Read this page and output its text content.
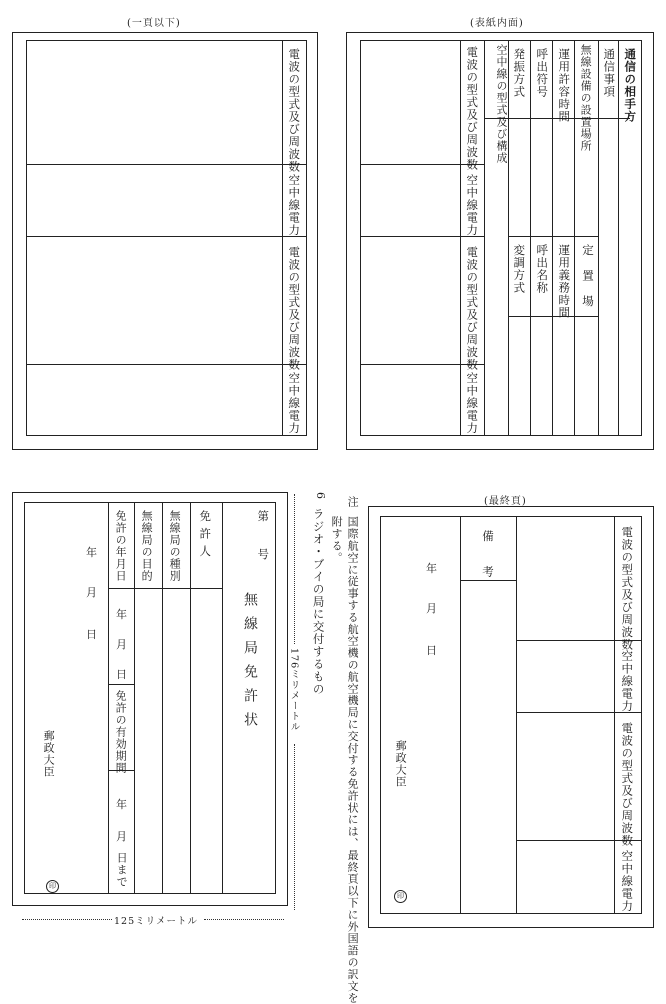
(一頁以下)
電波の型式及び周波数
空中線電力
電波の型式及び周波数
空中線電力
(表紙内面)
電波の型式及び周波数
空中線電力
電波の型式及び周波数
空中線電力
空中線の型式及び構成 発振方式
変調方式
呼出符号
呼出名称
運用許容時間
運用義務時間
無線設備の設置場所
定置場
通信事項 通信の相手方
第
号
無線局免許状
免許人
無線局の種別
無線局の目的
免許の年月日
年
月
日
免許の有効期間
年
月
日まで
年
月
日
郵政大臣
印
125ミリメートル
176ミリメートル
6
ラジオ・ブイの局に交付するもの
注
国際航空に従事する航空機の航空機局に交付する免許状には、最終頁以下に外国語の訳文を
附する。
(最終頁)
電波の型式及び周波数
空中線電力
電波の型式及び周波数
空中線電力
備考
年
月
日
郵政大臣
印
